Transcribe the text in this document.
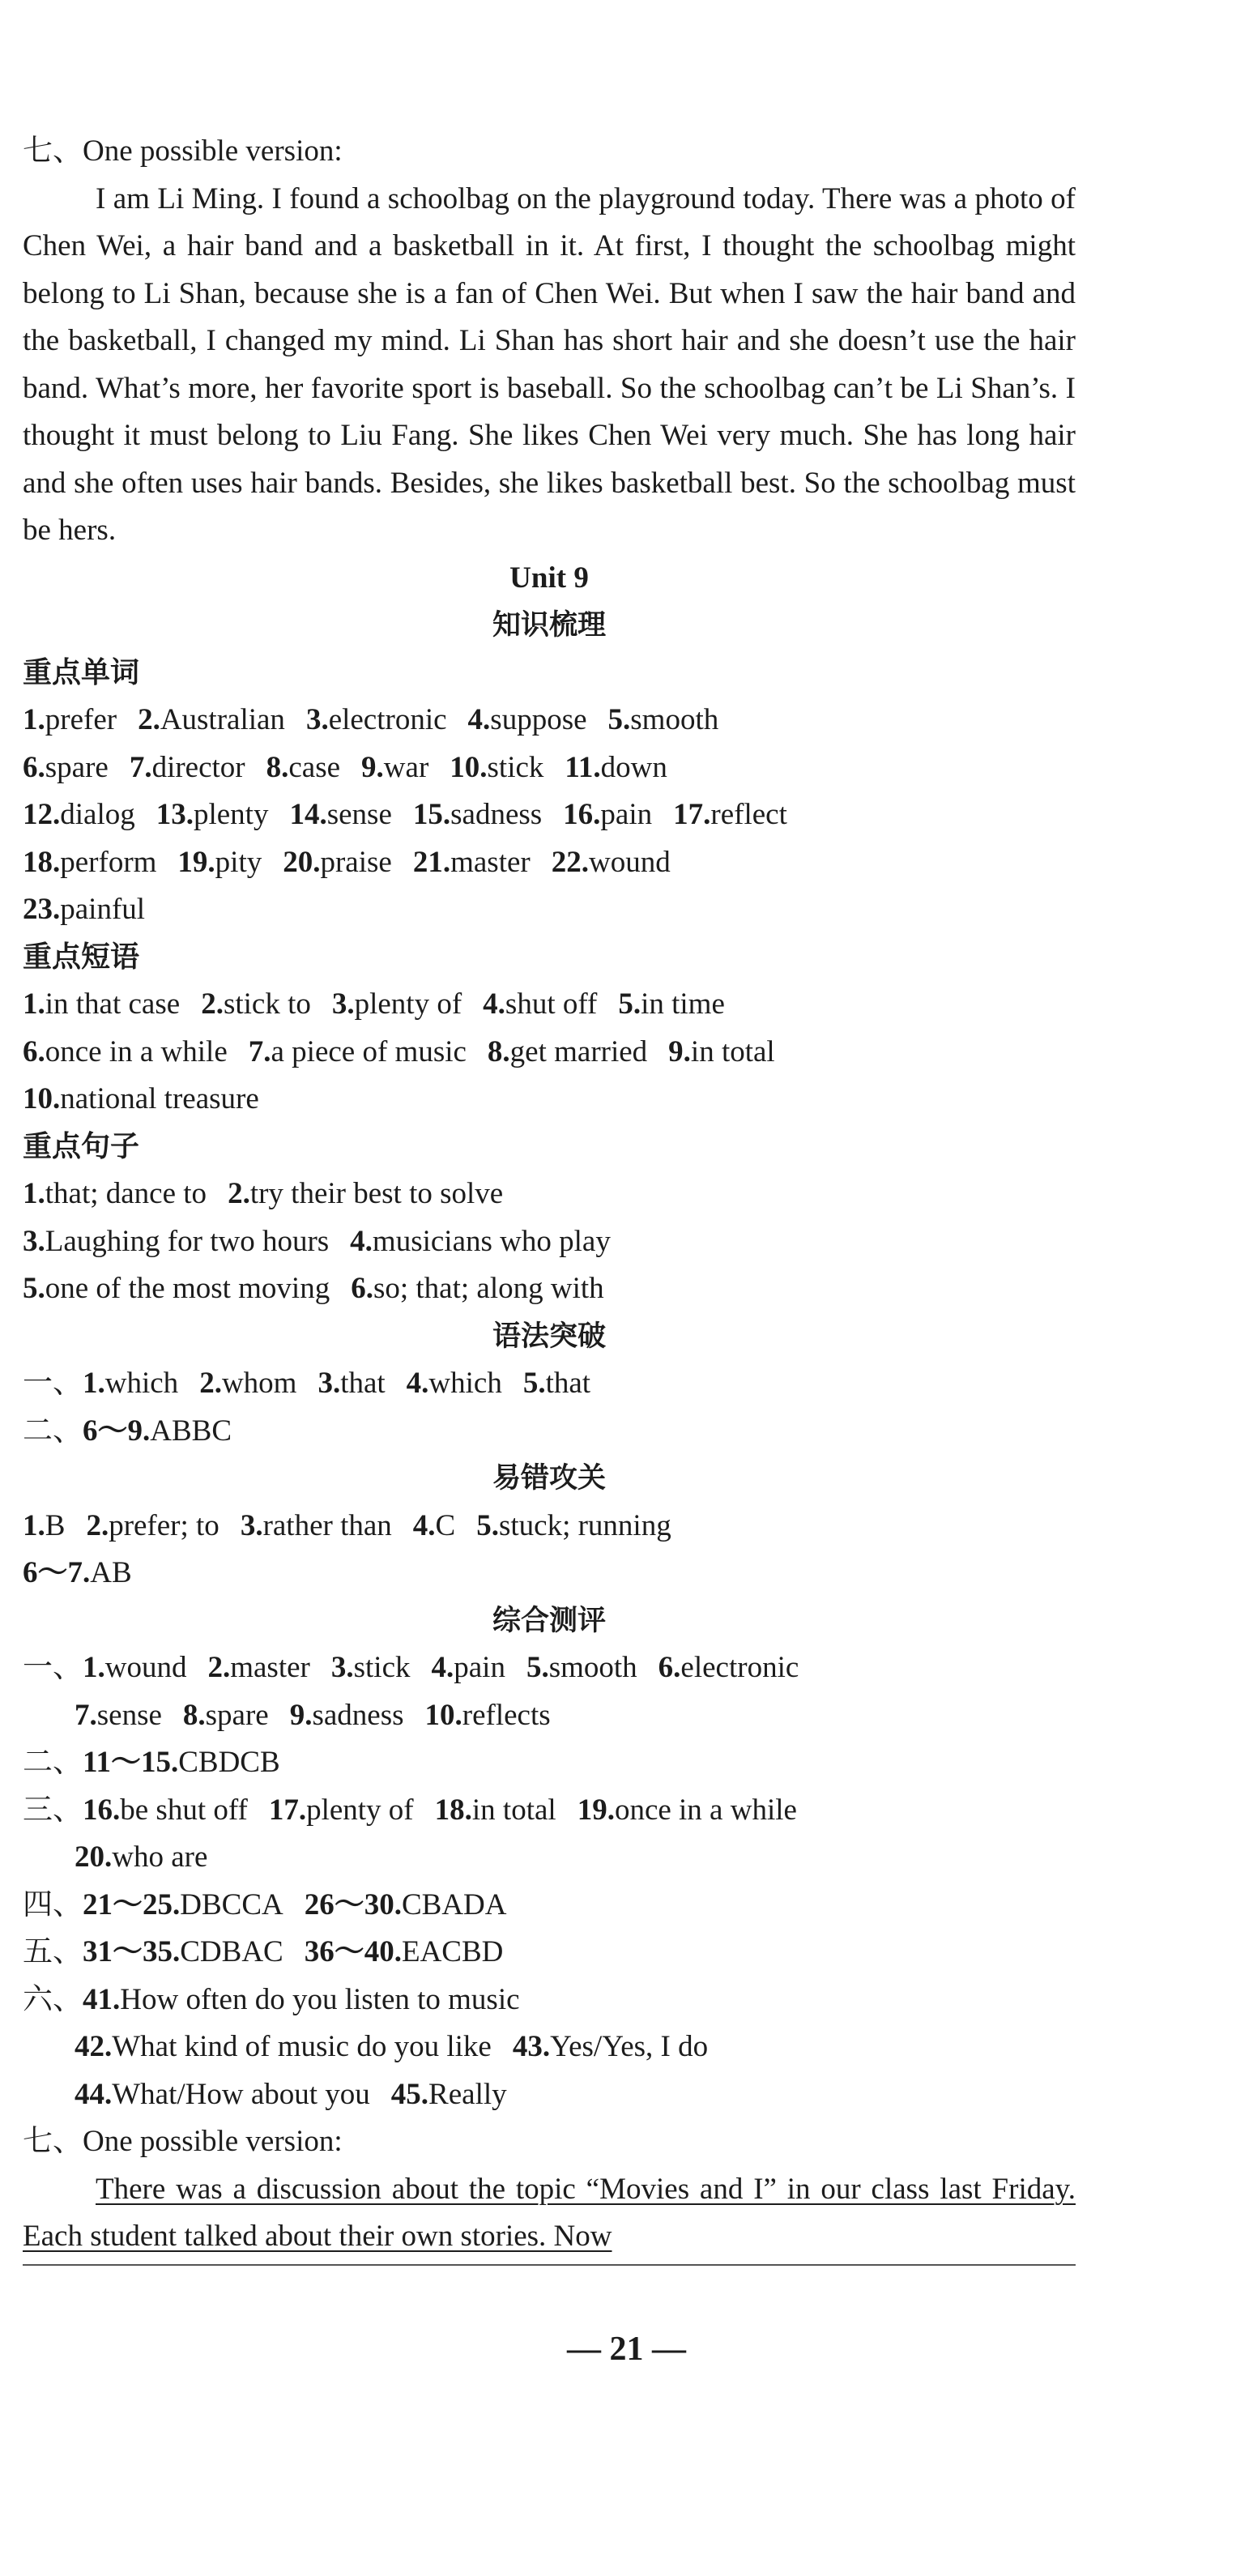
七、One possible version:

I am Li Ming. I found a schoolbag on the playground today. There was a photo of Chen Wei, a hair band and a basketball in it. At first, I thought the schoolbag might belong to Li Shan, because she is a fan of Chen Wei. But when I saw the hair band and the basketball, I changed my mind. Li Shan has short hair and she doesn’t use the hair band. What’s more, her favorite sport is baseball. So the schoolbag can’t be Li Shan’s. I thought it must belong to Liu Fang. She likes Chen Wei very much. She has long hair and she often uses hair bands. Besides, she likes basketball best. So the schoolbag must be hers.

Unit 9

知识梳理

重点单词

1.prefer 2.Australian 3.electronic 4.suppose 5.smooth

6.spare 7.director 8.case 9.war 10.stick 11.down

12.dialog 13.plenty 14.sense 15.sadness 16.pain 17.reflect

18.perform 19.pity 20.praise 21.master 22.wound

23.painful

重点短语

1.in that case 2.stick to 3.plenty of 4.shut off 5.in time

6.once in a while 7.a piece of music 8.get married 9.in total

10.national treasure

重点句子

1.that; dance to 2.try their best to solve

3.Laughing for two hours 4.musicians who play

5.one of the most moving 6.so; that; along with

语法突破

一、1.which 2.whom 3.that 4.which 5.that

二、6～9.ABBC

易错攻关

1.B 2.prefer; to 3.rather than 4.C 5.stuck; running

6～7.AB

综合测评

一、1.wound 2.master 3.stick 4.pain 5.smooth 6.electronic

7.sense 8.spare 9.sadness 10.reflects

二、11～15.CBDCB

三、16.be shut off 17.plenty of 18.in total 19.once in a while

20.who are

四、21～25.DBCCA 26～30.CBADA

五、31～35.CDBAC 36～40.EACBD

六、41.How often do you listen to music

42.What kind of music do you like 43.Yes/Yes, I do

44.What/How about you 45.Really

七、One possible version:

There was a discussion about the topic “Movies and I” in our class last Friday. Each student talked about their own stories. Now

— 21 —
